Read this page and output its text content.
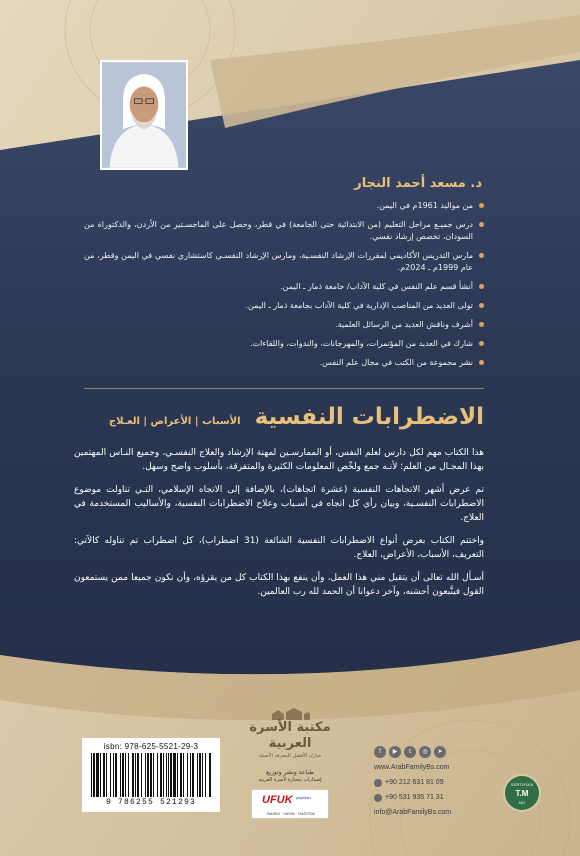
د. مسعد أحمد النجار
من مواليد 1961م في اليمن.
درس جميـع مراحل التعليم (من الابتدائية حتى الجامعة) في قطر، وحصل على الماجسـتير من الأردن، والدكتوراة من السودان، تخصص إرشاد نفسي.
مارس التدريس الأكاديمي لمقررات الإرشاد النفسـية، ومارس الإرشاد النفسـي كاستشاري نفسي في اليمن وقطر، من عام 1999م ـ 2024م.
أنشأ قسم علم النفس في كلية الآداب/ جامعة ذمار ـ اليمن.
تولى العديد من المناصب الإدارية في كلية الآداب بجامعة ذمار ـ اليمن.
أشرف وناقش العديد من الرسائل العلمية.
شارك في العديد من المؤتمرات، والمهرجانات، والندوات، واللقاءات.
نشر مجموعة من الكتب في مجال علم النفس.
الاضطرابات النفسية
الأسباب | الأعراض | العـلاج

هذا الكتاب مهم لكل دارس لعلم النفس، أو الممارسـين لمهنة الإرشاد والعلاج النفسـي، وجميع النـاس المهتمين بهذا المجـال من العلم؛ لأنـه جمع ولخّص المعلومات الكثيرة والمتفرقة، بأسلوب واضح وسهل.

تم عرض أشهر الاتجاهات النفسية (عشرة اتجاهات)، بالإضافة إلى الاتجاه الإسلامي، التـي تناولت موضوع الاضطرابات النفسـية، وبيان رأي كل اتجاه في أسـباب وعلاج الاضطرابات النفسية، والأساليب المستخدمة في العلاج.

واختتم الكتاب بعرض أنواع الاضطرابات النفسية الشائعة (31 اضطراب)، كل اضطراب تم تناوله كالآتي: التعريف، الأسباب، الأعراض، العلاج.

أسـأل الله تعالى أن يتقبل مني هذا العمل، وأن ينفع بهذا الكتاب كل من يقرؤه، وأن نكون جميعا ممن يستمعون القول فيتَّبعون أحسَنه، وآخر دعوانا أن الحمد لله رب العالمين.

مكتبة الأسرة العربية
خيارك الأفضل للمعرفة الأصيلة
طباعة ونشر وتوزيع
إصدارات مختارة لأسرة العربية
UFUK yayinlari
BASIM · YAYIN · DAĞITIM
isbn: 978-625-5521-29-3
9 786255 521293
f	▶	t	◎	➤
www.ArabFamilyBs.com
+90 212 631 81 09
+90 531 935 71 31
info@ArabFamilyBs.com
SERTİFİKA
T.M
NO
